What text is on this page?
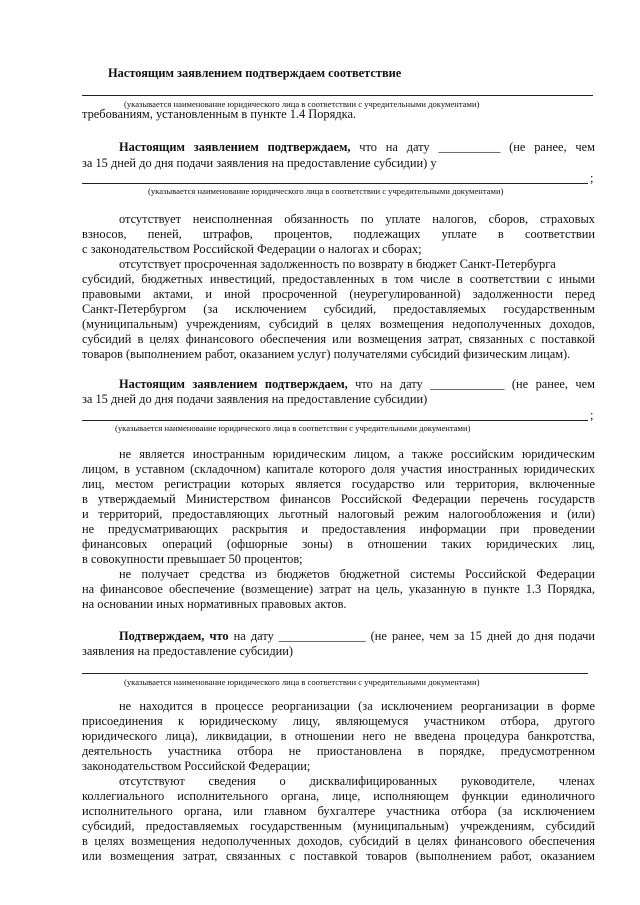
Настоящим заявлением подтверждаем соответствие
(указывается наименование юридического лица в соответствии с учредительными документами)
требованиям, установленным в пункте 1.4 Порядка.
Настоящим заявлением подтверждаем, что на дату __________ (не ранее, чем
за 15 дней до дня подачи заявления на предоставление субсидии) у
;
(указывается наименование юридического лица в соответствии с учредительными документами)
отсутствует неисполненная обязанность по уплате налогов, сборов, страховых
взносов, пеней, штрафов, процентов, подлежащих уплате в соответствии
с законодательством Российской Федерации о налогах и сборах;
отсутствует просроченная задолженность по возврату в бюджет Санкт-Петербурга
субсидий, бюджетных инвестиций, предоставленных в том числе в соответствии с иными
правовыми актами, и иной просроченной (неурегулированной) задолженности перед
Санкт-Петербургом (за исключением субсидий, предоставляемых государственным
(муниципальным) учреждениям, субсидий в целях возмещения недополученных доходов,
субсидий в целях финансового обеспечения или возмещения затрат, связанных с поставкой
товаров (выполнением работ, оказанием услуг) получателями субсидий физическим лицам).
Настоящим заявлением подтверждаем, что на дату ____________ (не ранее, чем
за 15 дней до дня подачи заявления на предоставление субсидии)
;
(указывается наименование юридического лица в соответствии с учредительными документами)
не является иностранным юридическим лицом, а также российским юридическим
лицом, в уставном (складочном) капитале которого доля участия иностранных юридических
лиц, местом регистрации которых является государство или территория, включенные
в утверждаемый Министерством финансов Российской Федерации перечень государств
и территорий, предоставляющих льготный налоговый режим налогообложения и (или)
не предусматривающих раскрытия и предоставления информации при проведении
финансовых операций (офшорные зоны) в отношении таких юридических лиц,
в совокупности превышает 50 процентов;
не получает средства из бюджетов бюджетной системы Российской Федерации
на финансовое обеспечение (возмещение) затрат на цель, указанную в пункте 1.3 Порядка,
на основании иных нормативных правовых актов.
Подтверждаем, что на дату ______________ (не ранее, чем за 15 дней до дня подачи
заявления на предоставление субсидии)
(указывается наименование юридического лица в соответствии с учредительными документами)
не находится в процессе реорганизации (за исключением реорганизации в форме
присоединения к юридическому лицу, являющемуся участником отбора, другого
юридического лица), ликвидации, в отношении него не введена процедура банкротства,
деятельность участника отбора не приостановлена в порядке, предусмотренном
законодательством Российской Федерации;
отсутствуют сведения о дисквалифицированных руководителе, членах
коллегиального исполнительного органа, лице, исполняющем функции единоличного
исполнительного органа, или главном бухгалтере участника отбора (за исключением
субсидий, предоставляемых государственным (муниципальным) учреждениям, субсидий
в целях возмещения недополученных доходов, субсидий в целях финансового обеспечения
или возмещения затрат, связанных с поставкой товаров (выполнением работ, оказанием
